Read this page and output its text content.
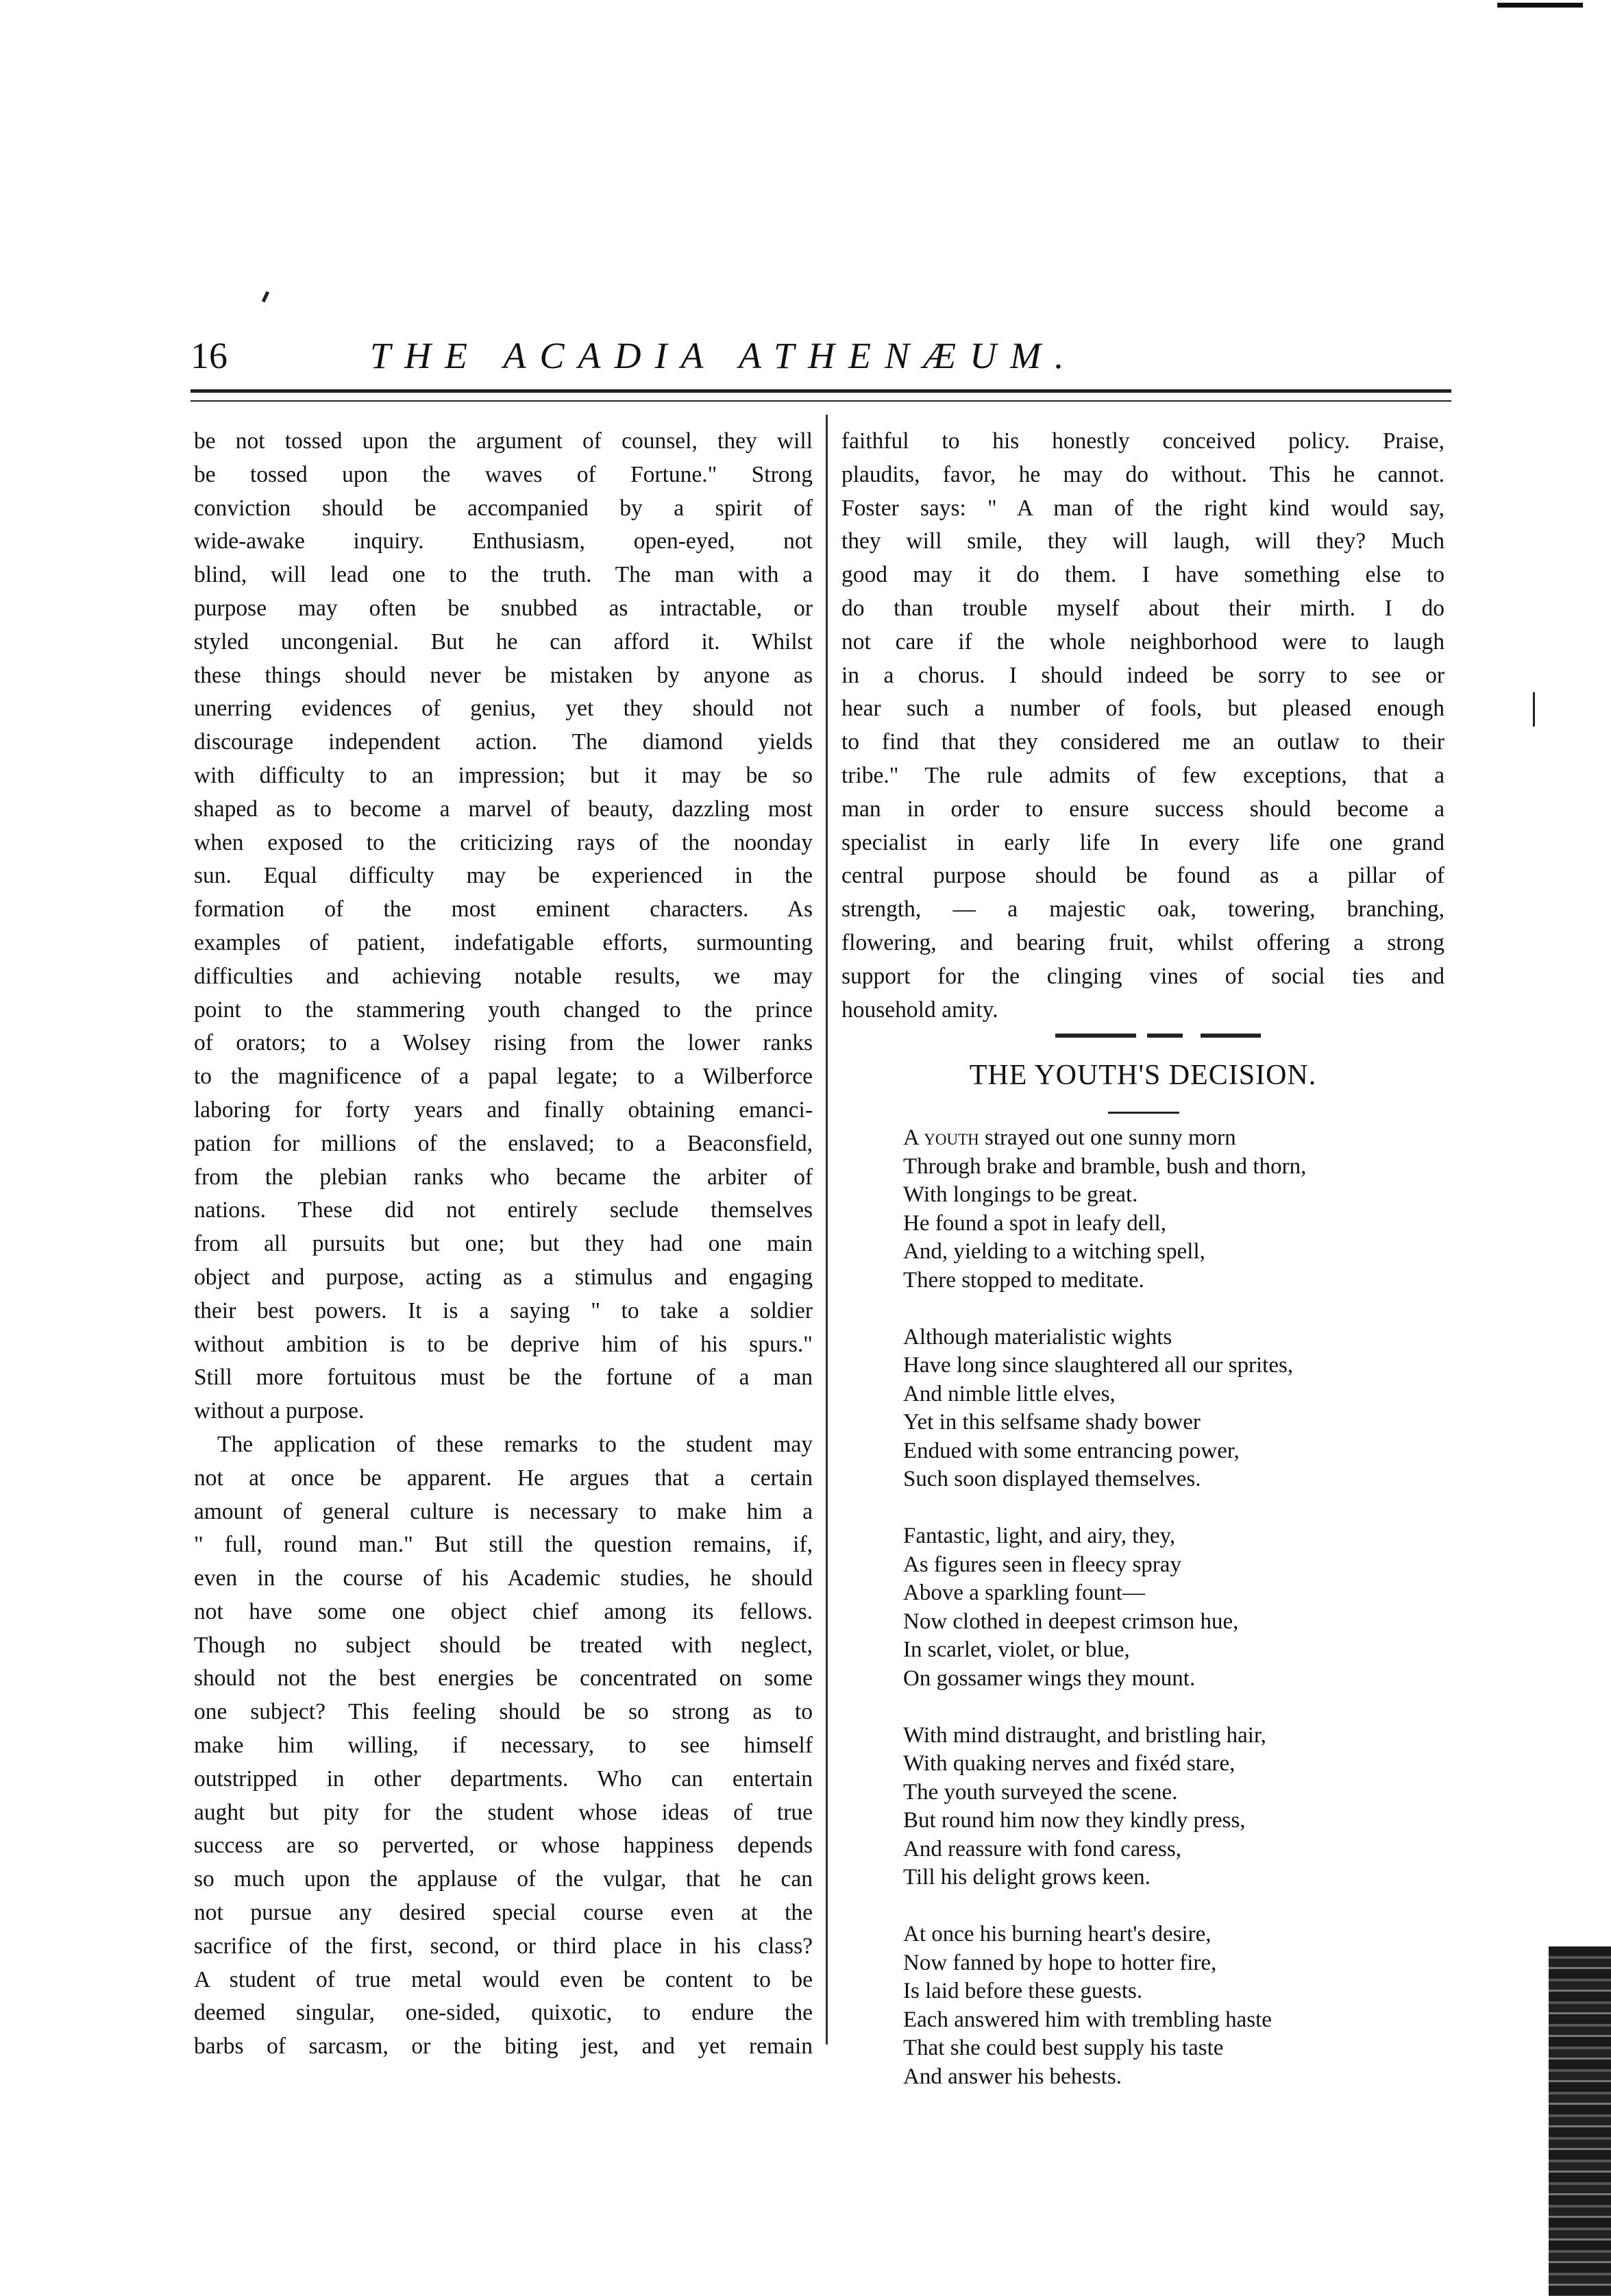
16	THE ACADIA ATHENÆUM.
be not tossed upon the argument of counsel, they will
be tossed upon the waves of Fortune." Strong
conviction should be accompanied by a spirit of
wide-awake inquiry. Enthusiasm, open-eyed, not
blind, will lead one to the truth. The man with a
purpose may often be snubbed as intractable, or
styled uncongenial. But he can afford it. Whilst
these things should never be mistaken by anyone as
unerring evidences of genius, yet they should not
discourage independent action. The diamond yields
with difficulty to an impression; but it may be so
shaped as to become a marvel of beauty, dazzling most
when exposed to the criticizing rays of the noonday
sun. Equal difficulty may be experienced in the
formation of the most eminent characters. As
examples of patient, indefatigable efforts, surmounting
difficulties and achieving notable results, we may
point to the stammering youth changed to the prince
of orators; to a Wolsey rising from the lower ranks
to the magnificence of a papal legate; to a Wilberforce
laboring for forty years and finally obtaining emanci-
pation for millions of the enslaved; to a Beaconsfield,
from the plebian ranks who became the arbiter of
nations. These did not entirely seclude themselves
from all pursuits but one; but they had one main
object and purpose, acting as a stimulus and engaging
their best powers. It is a saying " to take a soldier
without ambition is to be deprive him of his spurs."
Still more fortuitous must be the fortune of a man
without a purpose.
The application of these remarks to the student may
not at once be apparent. He argues that a certain
amount of general culture is necessary to make him a
" full, round man." But still the question remains, if,
even in the course of his Academic studies, he should
not have some one object chief among its fellows.
Though no subject should be treated with neglect,
should not the best energies be concentrated on some
one subject? This feeling should be so strong as to
make him willing, if necessary, to see himself
outstripped in other departments. Who can entertain
aught but pity for the student whose ideas of true
success are so perverted, or whose happiness depends
so much upon the applause of the vulgar, that he can
not pursue any desired special course even at the
sacrifice of the first, second, or third place in his class?
A student of true metal would even be content to be
deemed singular, one-sided, quixotic, to endure the
barbs of sarcasm, or the biting jest, and yet remain
faithful to his honestly conceived policy. Praise,
plaudits, favor, he may do without. This he cannot.
Foster says: " A man of the right kind would say,
they will smile, they will laugh, will they? Much
good may it do them. I have something else to
do than trouble myself about their mirth. I do
not care if the whole neighborhood were to laugh
in a chorus. I should indeed be sorry to see or
hear such a number of fools, but pleased enough
to find that they considered me an outlaw to their
tribe." The rule admits of few exceptions, that a
man in order to ensure success should become a
specialist in early life In every life one grand
central purpose should be found as a pillar of
strength, — a majestic oak, towering, branching,
flowering, and bearing fruit, whilst offering a strong
support for the clinging vines of social ties and
household amity.
THE YOUTH'S DECISION.
A youth strayed out one sunny morn
Through brake and bramble, bush and thorn,
With longings to be great.
He found a spot in leafy dell,
And, yielding to a witching spell,
There stopped to meditate.
Although materialistic wights
Have long since slaughtered all our sprites,
And nimble little elves,
Yet in this selfsame shady bower
Endued with some entrancing power,
Such soon displayed themselves.
Fantastic, light, and airy, they,
As figures seen in fleecy spray
Above a sparkling fount—
Now clothed in deepest crimson hue,
In scarlet, violet, or blue,
On gossamer wings they mount.
With mind distraught, and bristling hair,
With quaking nerves and fixéd stare,
The youth surveyed the scene.
But round him now they kindly press,
And reassure with fond caress,
Till his delight grows keen.
At once his burning heart's desire,
Now fanned by hope to hotter fire,
Is laid before these guests.
Each answered him with trembling haste
That she could best supply his taste
And answer his behests.
